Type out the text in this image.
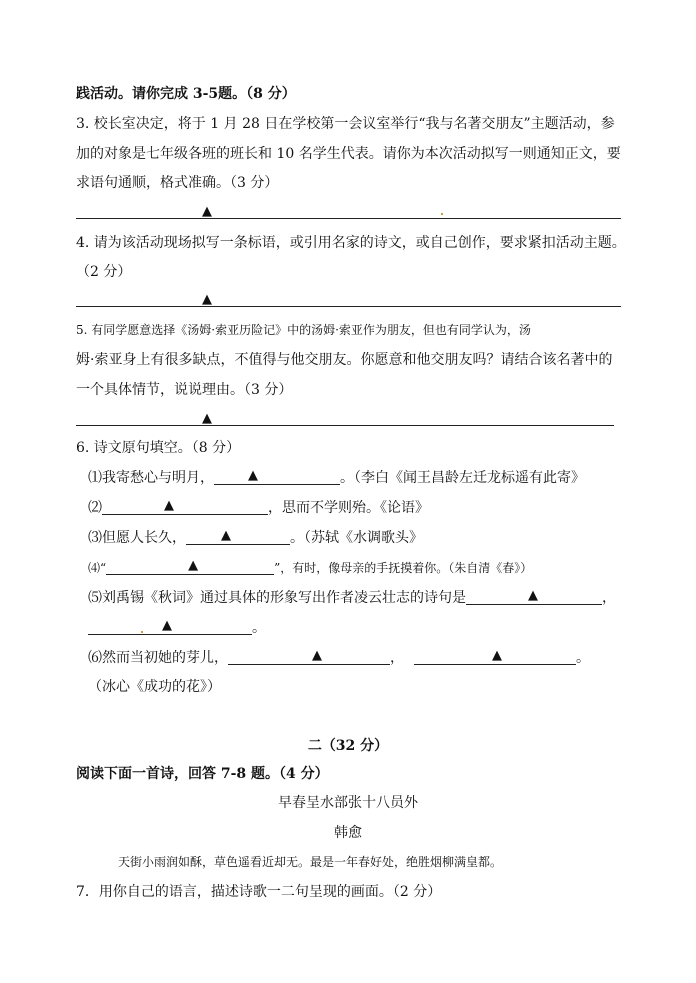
践活动。请你完成 3-5题。（8 分）
3. 校长室决定，将于 1 月 28 日在学校第一会议室举行“我与名著交朋友”主题活动，参
加的对象是七年级各班的班长和 10 名学生代表。请你为本次活动拟写一则通知正文，要
求语句通顺，格式准确。（3 分）
▲
4. 请为该活动现场拟写一条标语，或引用名家的诗文，或自己创作，要求紧扣活动主题。
（2 分）
▲
5. 有同学愿意选择《汤姆·索亚历险记》中的汤姆·索亚作为朋友，但也有同学认为，汤
姆·索亚身上有很多缺点，不值得与他交朋友。你愿意和他交朋友吗？请结合该名著中的
一个具体情节，说说理由。（3 分）
▲
6. 诗文原句填空。（8 分）
⑴我寄愁心与明月，	▲	。（李白《闻王昌龄左迁龙标遥有此寄》
⑵	▲	，思而不学则殆。《论语》
⑶但愿人长久，	▲	。（苏轼《水调歌头》
⑷“	▲	”，有时，像母亲的手抚摸着你。（朱自清《春》）
⑸刘禹锡《秋词》通过具体的形象写出作者凌云壮志的诗句是	▲	，
▲	。
⑹然而当初她的芽儿，	▲	，	▲	。
（冰心《成功的花》）
二（32 分）
阅读下面一首诗，回答 7-8 题。（4 分）
早春呈水部张十八员外
韩愈
天街小雨润如酥，草色遥看近却无。最是一年春好处，绝胜烟柳满皇都。
7．用你自己的语言，描述诗歌一二句呈现的画面。（2 分）
